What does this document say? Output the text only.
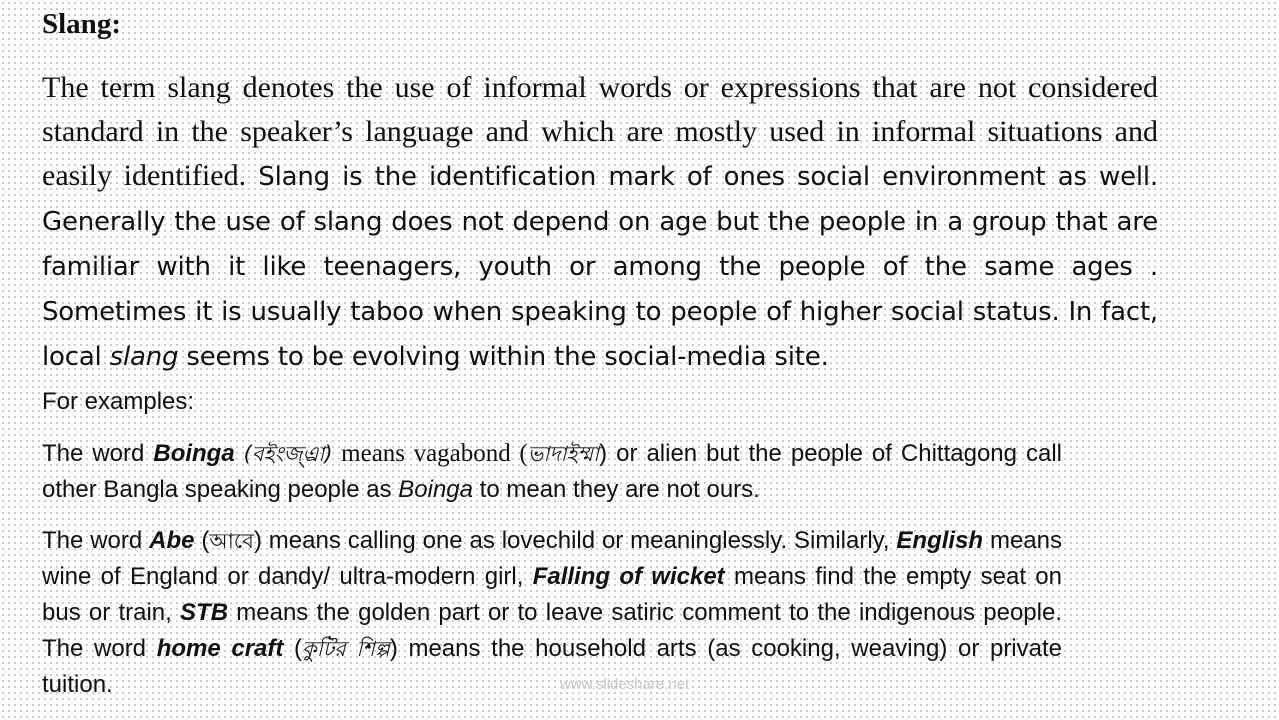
Slang:
The term slang denotes the use of informal words or expressions that are not considered standard in the speaker’s language and which are mostly used in informal situations and easily identified. Slang is the identification mark of ones social environment as well. Generally the use of slang does not depend on age but the people in a group that are familiar with it like teenagers, youth or among the people of the same ages . Sometimes it is usually taboo when speaking to people of higher social status. In fact, local slang seems to be evolving within the social-media site.
For examples:
The word Boinga (বইংজ্এ্রা) means vagabond (ভাদাইম্মা) or alien but the people of Chittagong call other Bangla speaking people as Boinga to mean they are not ours.
The word Abe (আবে) means calling one as lovechild or meaninglessly. Similarly, English means wine of England or dandy/ ultra-modern girl, Falling of wicket means find the empty seat on bus or train, STB means the golden part or to leave satiric comment to the indigenous people. The word home craft (কুটির শিল্প) means the household arts (as cooking, weaving) or private tuition.	www.slideshare.net
